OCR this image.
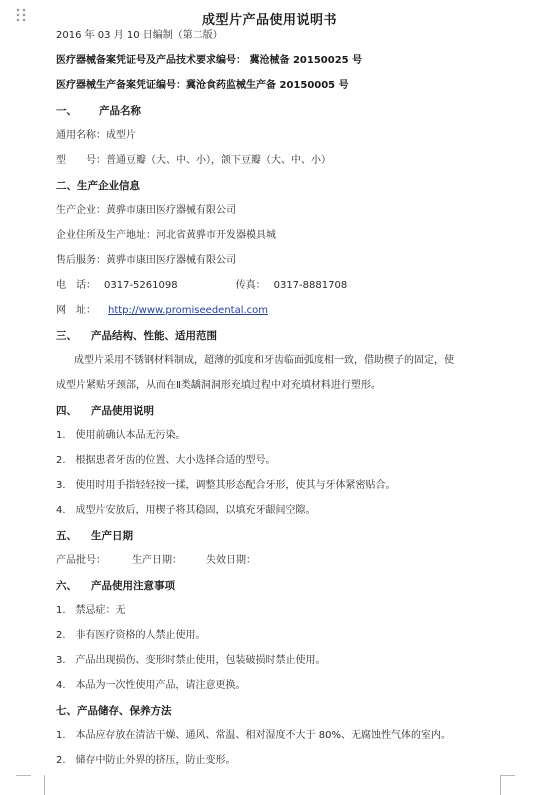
成型片产品使用说明书
2016 年 03 月 10 日编制（第二版）
医疗器械备案凭证号及产品技术要求编号： 冀沧械备 20150025 号
医疗器械生产备案凭证编号：冀沧食药监械生产备 20150005 号
一、 产品名称
通用名称：成型片
型　　号：普通豆瓣（大、中、小），颌下豆瓣（大、中、小）
二、生产企业信息
生产企业：黄骅市康田医疗器械有限公司
企业住所及生产地址：河北省黄骅市开发器模具城
售后服务：黄骅市康田医疗器械有限公司
电　话： 0317-5261098	传真： 0317-8881708
网　址： http://www.promiseedental.com
三、 产品结构、性能、适用范围
成型片采用不锈钢材料制成，超薄的弧度和牙齿临面弧度相一致，借助楔子的固定，使
成型片紧贴牙颈部，从而在Ⅱ类龋洞洞形充填过程中对充填材料进行塑形。
四、 产品使用说明
1.　使用前确认本品无污染。
2.　根据患者牙齿的位置、大小选择合适的型号。
3.　使用时用手指轻轻按一揉，调整其形态配合牙形，使其与牙体紧密贴合。
4.　成型片安放后，用楔子将其稳固，以填充牙龈间空隙。
五、 生产日期
产品批号：	生产日期： 失效日期：
六、 产品使用注意事项
1.　禁忌症：无
2.　非有医疗资格的人禁止使用。
3.　产品出现损伤、变形时禁止使用，包装破损时禁止使用。
4.　本品为一次性使用产品，请注意更换。
七、产品储存、保养方法
1.　本品应存放在清洁干燥、通风、常温、相对湿度不大于 80%、无腐蚀性气体的室内。
2.　储存中防止外界的挤压，防止变形。
